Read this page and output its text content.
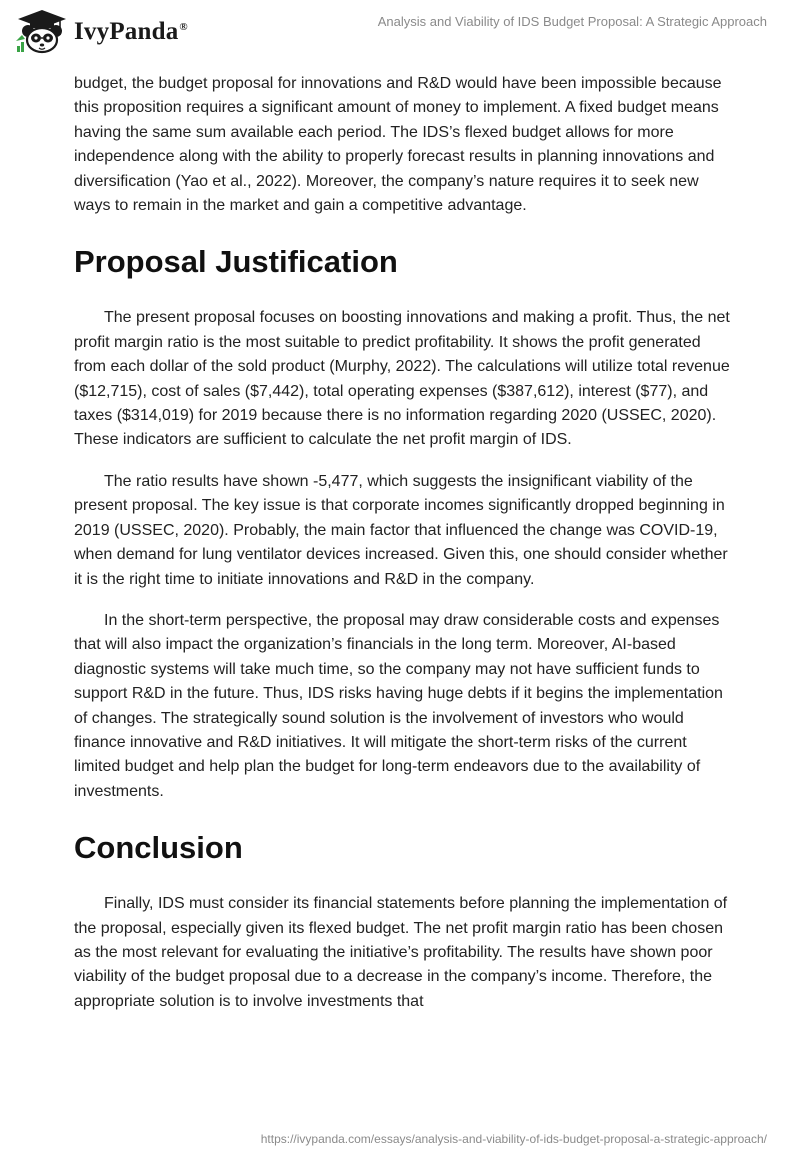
IvyPanda®	Analysis and Viability of IDS Budget Proposal: A Strategic Approach

budget, the budget proposal for innovations and R&D would have been impossible because this proposition requires a significant amount of money to implement. A fixed budget means having the same sum available each period. The IDS’s flexed budget allows for more independence along with the ability to properly forecast results in planning innovations and diversification (Yao et al., 2022). Moreover, the company’s nature requires it to seek new ways to remain in the market and gain a competitive advantage.

Proposal Justification

The present proposal focuses on boosting innovations and making a profit. Thus, the net profit margin ratio is the most suitable to predict profitability. It shows the profit generated from each dollar of the sold product (Murphy, 2022). The calculations will utilize total revenue ($12,715), cost of sales ($7,442), total operating expenses ($387,612), interest ($77), and taxes ($314,019) for 2019 because there is no information regarding 2020 (USSEC, 2020). These indicators are sufficient to calculate the net profit margin of IDS.

The ratio results have shown -5,477, which suggests the insignificant viability of the present proposal. The key issue is that corporate incomes significantly dropped beginning in 2019 (USSEC, 2020). Probably, the main factor that influenced the change was COVID-19, when demand for lung ventilator devices increased. Given this, one should consider whether it is the right time to initiate innovations and R&D in the company.

In the short-term perspective, the proposal may draw considerable costs and expenses that will also impact the organization’s financials in the long term. Moreover, AI-based diagnostic systems will take much time, so the company may not have sufficient funds to support R&D in the future. Thus, IDS risks having huge debts if it begins the implementation of changes. The strategically sound solution is the involvement of investors who would finance innovative and R&D initiatives. It will mitigate the short-term risks of the current limited budget and help plan the budget for long-term endeavors due to the availability of investments.

Conclusion

Finally, IDS must consider its financial statements before planning the implementation of the proposal, especially given its flexed budget. The net profit margin ratio has been chosen as the most relevant for evaluating the initiative’s profitability. The results have shown poor viability of the budget proposal due to a decrease in the company’s income. Therefore, the appropriate solution is to involve investments that

https://ivypanda.com/essays/analysis-and-viability-of-ids-budget-proposal-a-strategic-approach/
